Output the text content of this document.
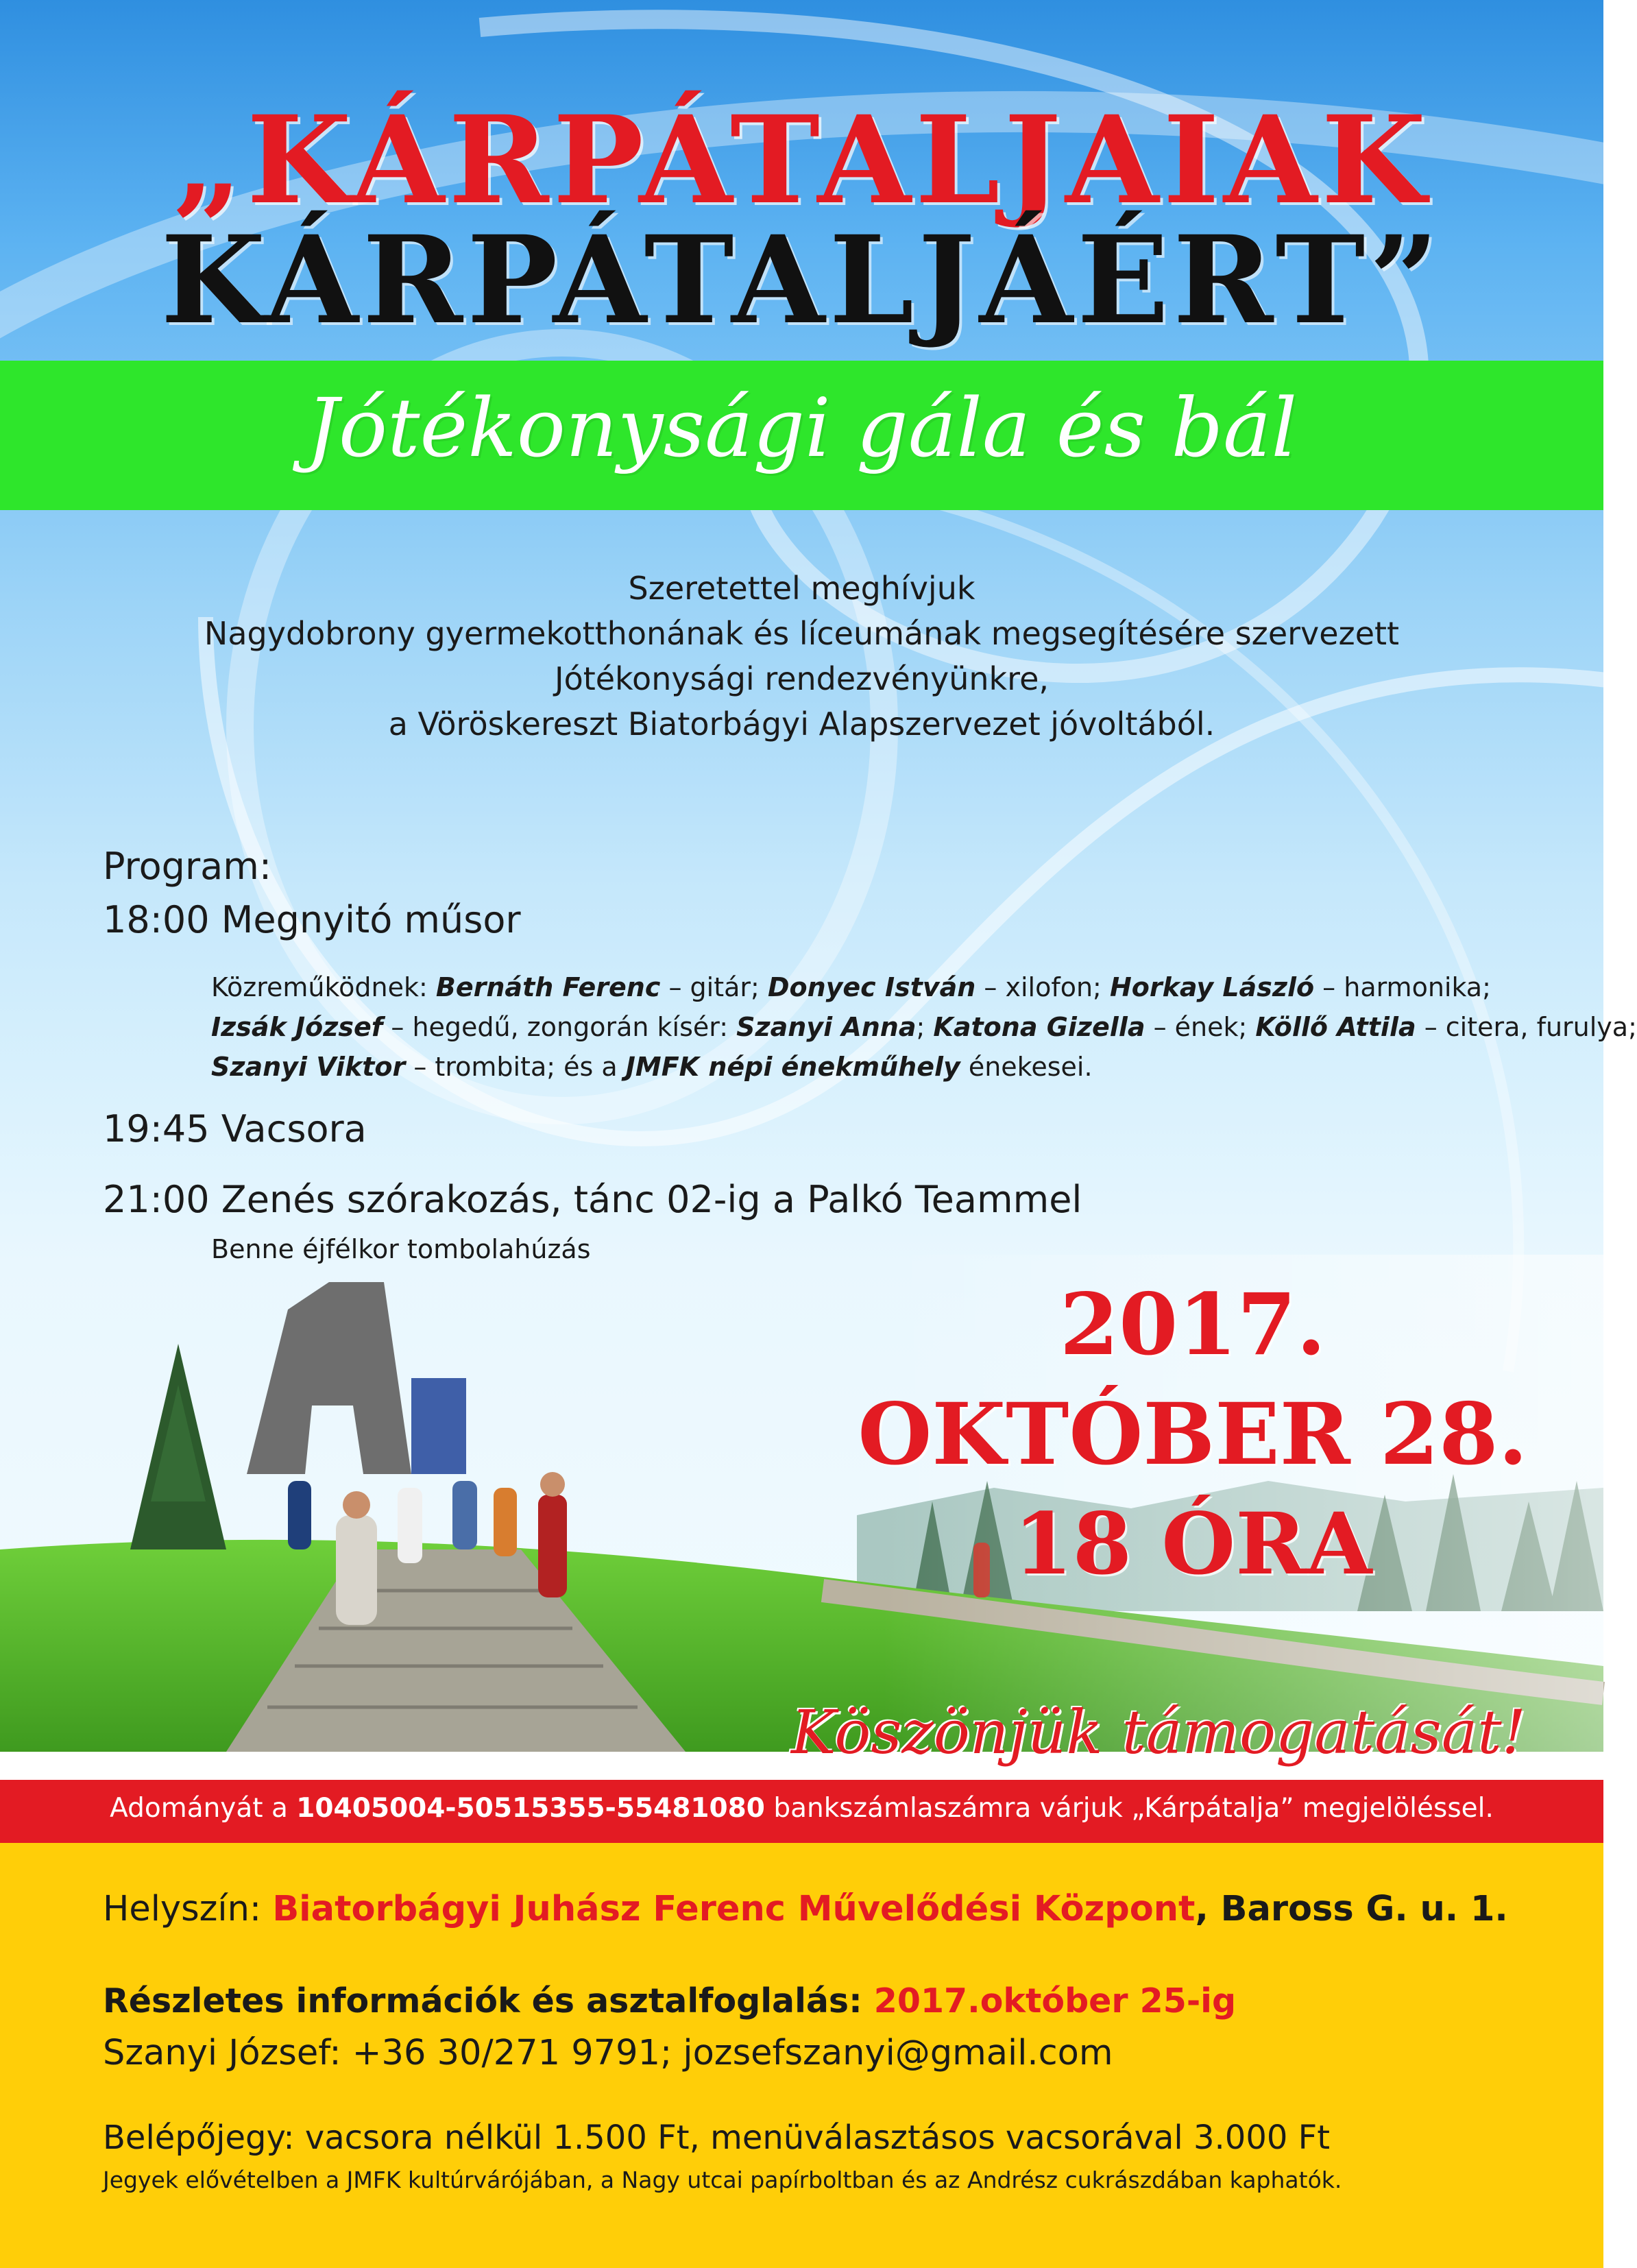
„KÁRPÁTALJAIAK
KÁRPÁTALJÁÉRT”
Jótékonysági gála és bál
Szeretettel meghívjuk
Nagydobrony gyermekotthonának és líceumának megsegítésére szervezett
Jótékonysági rendezvényünkre,
a Vöröskereszt Biatorbágyi Alapszervezet jóvoltából.
Program:
18:00 Megnyitó műsor
Közreműködnek: Bernáth Ferenc – gitár; Donyec István – xilofon; Horkay László – harmonika;
Izsák József – hegedű, zongorán kísér: Szanyi Anna; Katona Gizella – ének; Köllő Attila – citera, furulya;
Szanyi Viktor – trombita; és a JMFK népi énekműhely énekesei.
19:45 Vacsora
21:00 Zenés szórakozás, tánc 02-ig a Palkó Teammel
Benne éjfélkor tombolahúzás
2017.
OKTÓBER 28.
18 ÓRA
Köszönjük támogatását!
Adományát a 10405004-50515355-55481080 bankszámlaszámra várjuk „Kárpátalja” megjelöléssel.
Helyszín: Biatorbágyi Juhász Ferenc Művelődési Központ, Baross G. u. 1.
Részletes információk és asztalfoglalás: 2017.október 25-ig
Szanyi József: +36 30/271 9791; jozsefszanyi@gmail.com
Belépőjegy: vacsora nélkül 1.500 Ft, menüválasztásos vacsorával 3.000 Ft
Jegyek elővételben a JMFK kultúrvárójában, a Nagy utcai papírboltban és az Andrész cukrászdában kaphatók.
